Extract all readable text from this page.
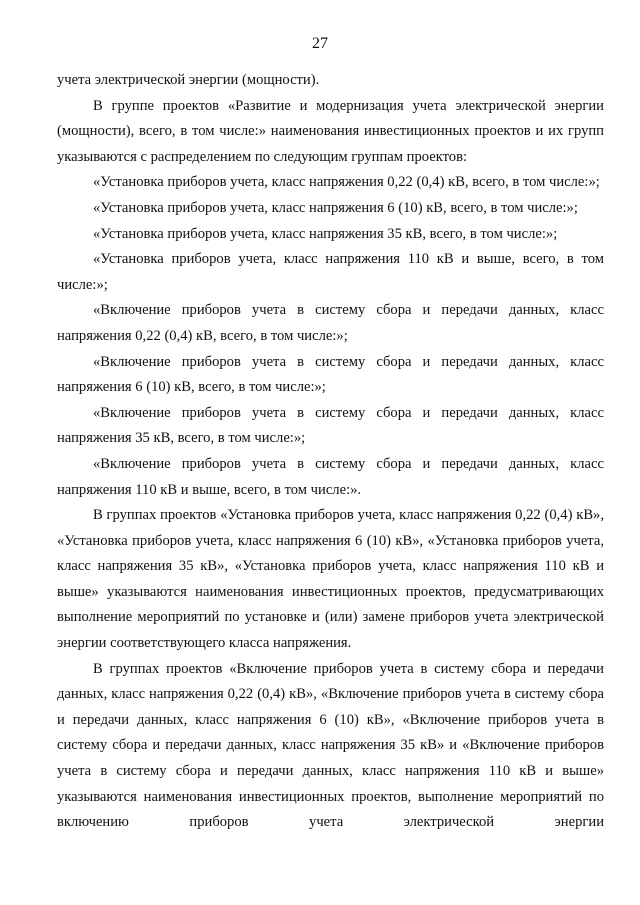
27

учета электрической энергии (мощности).

В группе проектов «Развитие и модернизация учета электрической энергии (мощности), всего, в том числе:» наименования инвестиционных проектов и их групп указываются с распределением по следующим группам проектов:

«Установка приборов учета, класс напряжения 0,22 (0,4) кВ, всего, в том числе:»;

«Установка приборов учета, класс напряжения 6 (10) кВ, всего, в том числе:»;

«Установка приборов учета, класс напряжения 35 кВ, всего, в том числе:»;

«Установка приборов учета, класс напряжения 110 кВ и выше, всего, в том числе:»;

«Включение приборов учета в систему сбора и передачи данных, класс напряжения 0,22 (0,4) кВ, всего, в том числе:»;

«Включение приборов учета в систему сбора и передачи данных, класс напряжения 6 (10) кВ, всего, в том числе:»;

«Включение приборов учета в систему сбора и передачи данных, класс напряжения 35 кВ, всего, в том числе:»;

«Включение приборов учета в систему сбора и передачи данных, класс напряжения 110 кВ и выше, всего, в том числе:».

В группах проектов «Установка приборов учета, класс напряжения 0,22 (0,4) кВ», «Установка приборов учета, класс напряжения 6 (10) кВ», «Установка приборов учета, класс напряжения 35 кВ», «Установка приборов учета, класс напряжения 110 кВ и выше» указываются наименования инвестиционных проектов, предусматривающих выполнение мероприятий по установке и (или) замене приборов учета электрической энергии соответствующего класса напряжения.

В группах проектов «Включение приборов учета в систему сбора и передачи данных, класс напряжения 0,22 (0,4) кВ», «Включение приборов учета в систему сбора и передачи данных, класс напряжения 6 (10) кВ», «Включение приборов учета в систему сбора и передачи данных, класс напряжения 35 кВ» и «Включение приборов учета в систему сбора и передачи данных, класс напряжения 110 кВ и выше» указываются наименования инвестиционных проектов, выполнение мероприятий по включению приборов учета электрической энергии
